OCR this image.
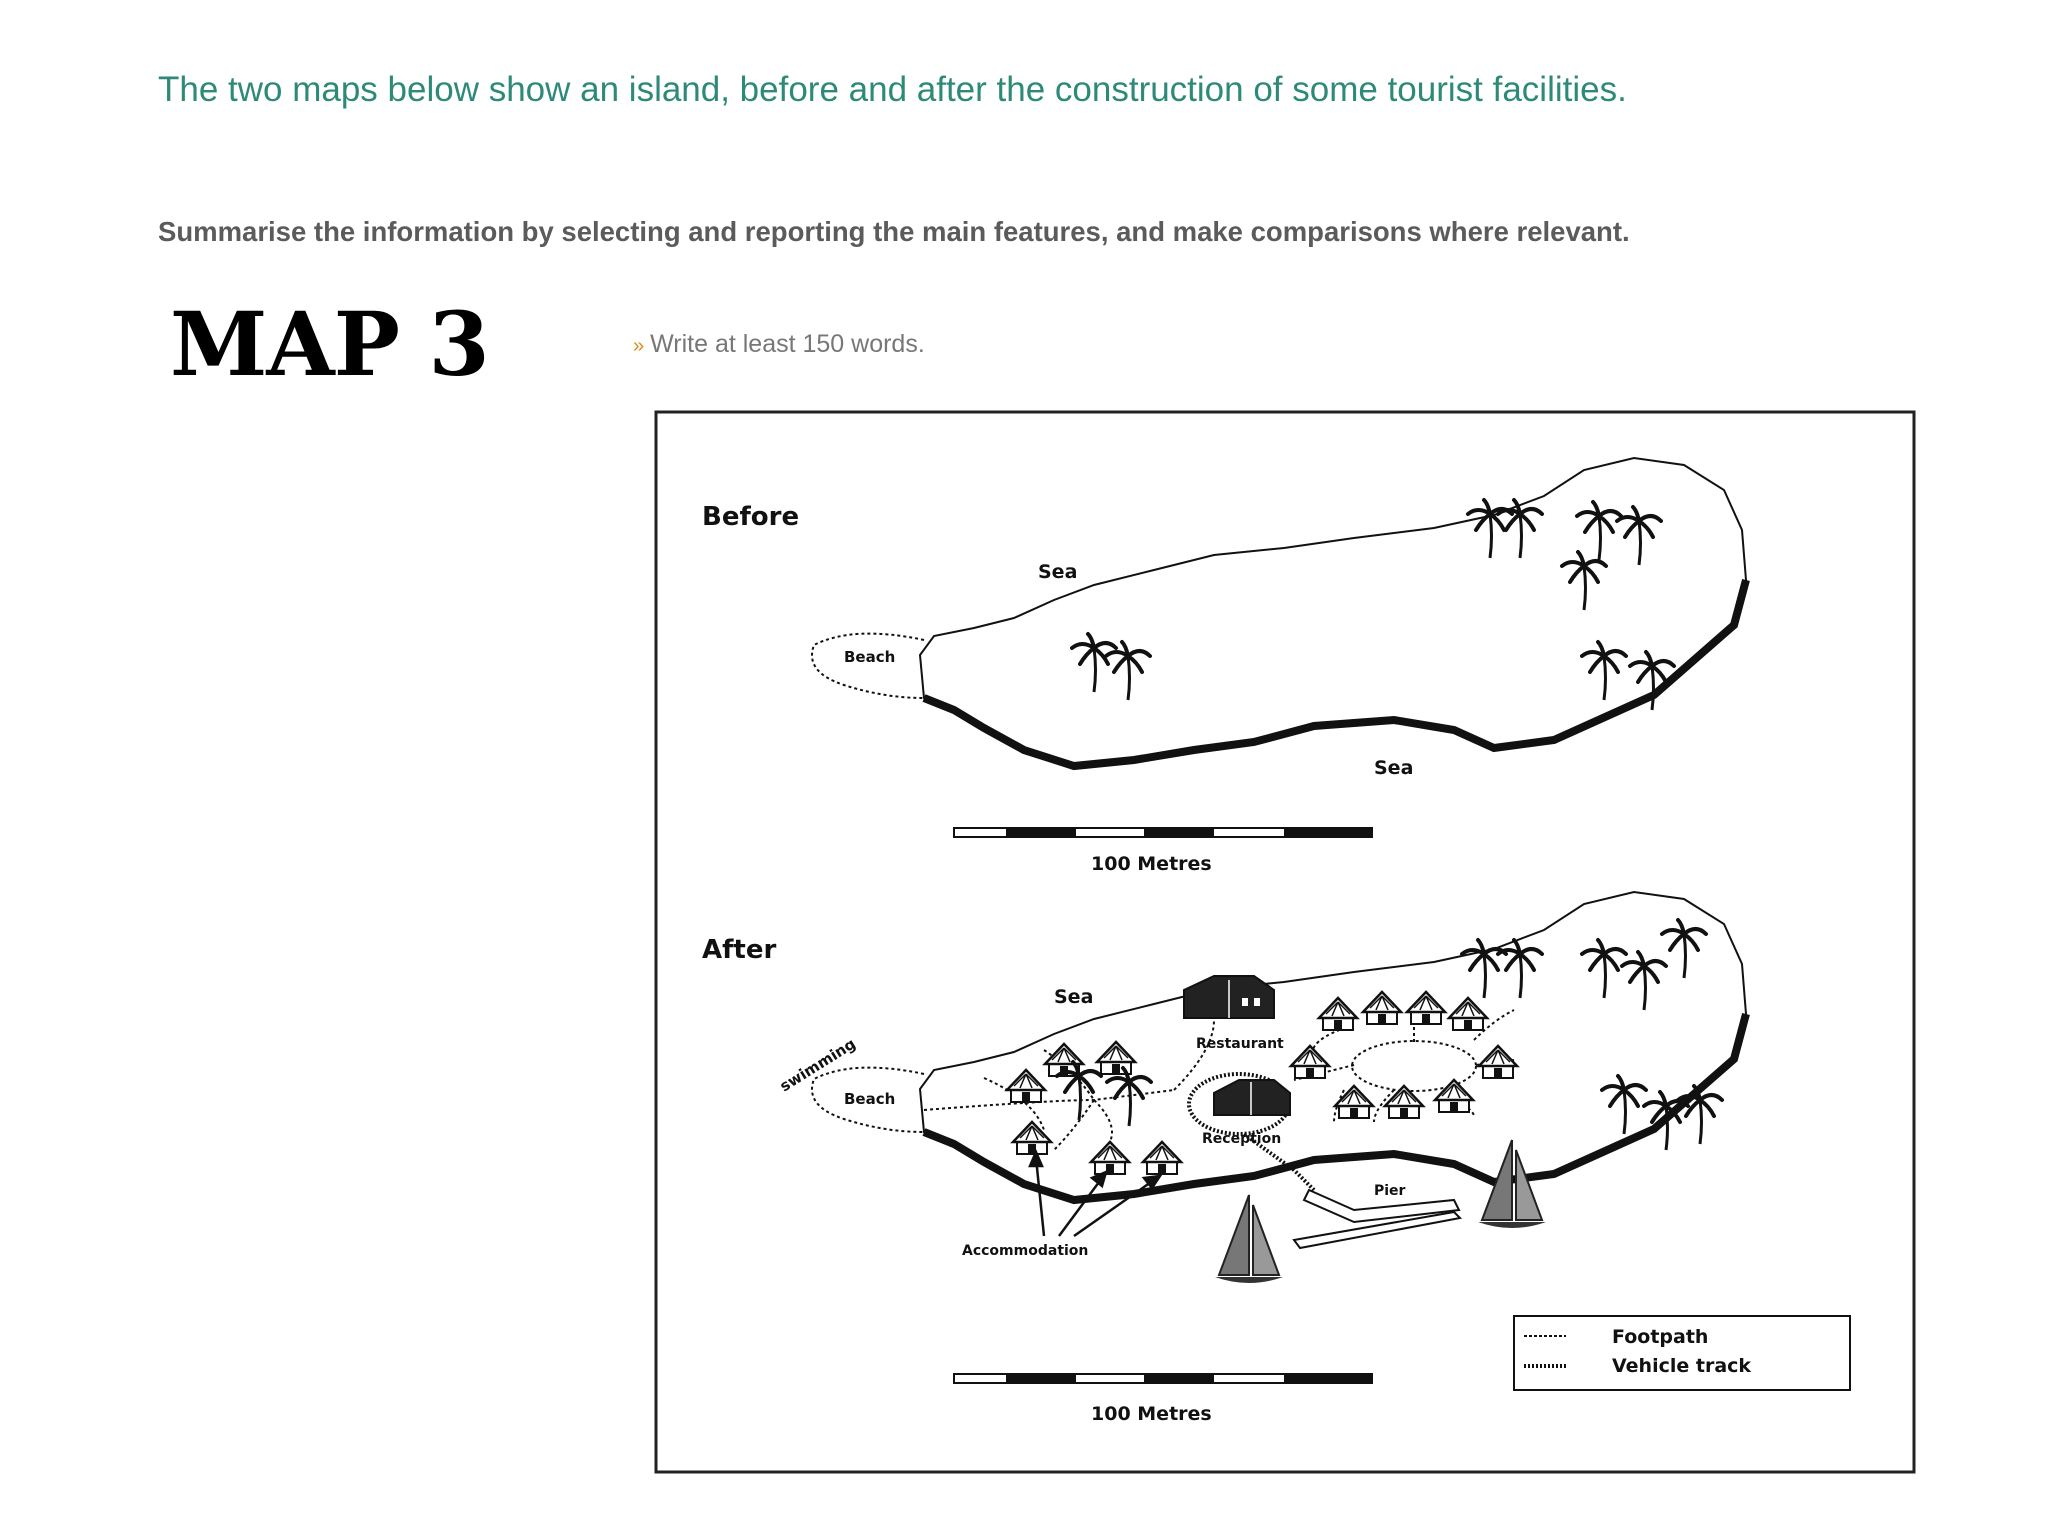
The two maps below show an island, before and after the construction of some tourist facilities.

Summarise the information by selecting and reporting the main features, and make comparisons where relevant.

MAP 3	» Write at least 150 words.

Before
Beach
Sea
Sea
100 Metres
After
Beach
swimming
Sea
Restaurant
Reception
Pier
Accommodation
Footpath
Vehicle track
100 Metres
